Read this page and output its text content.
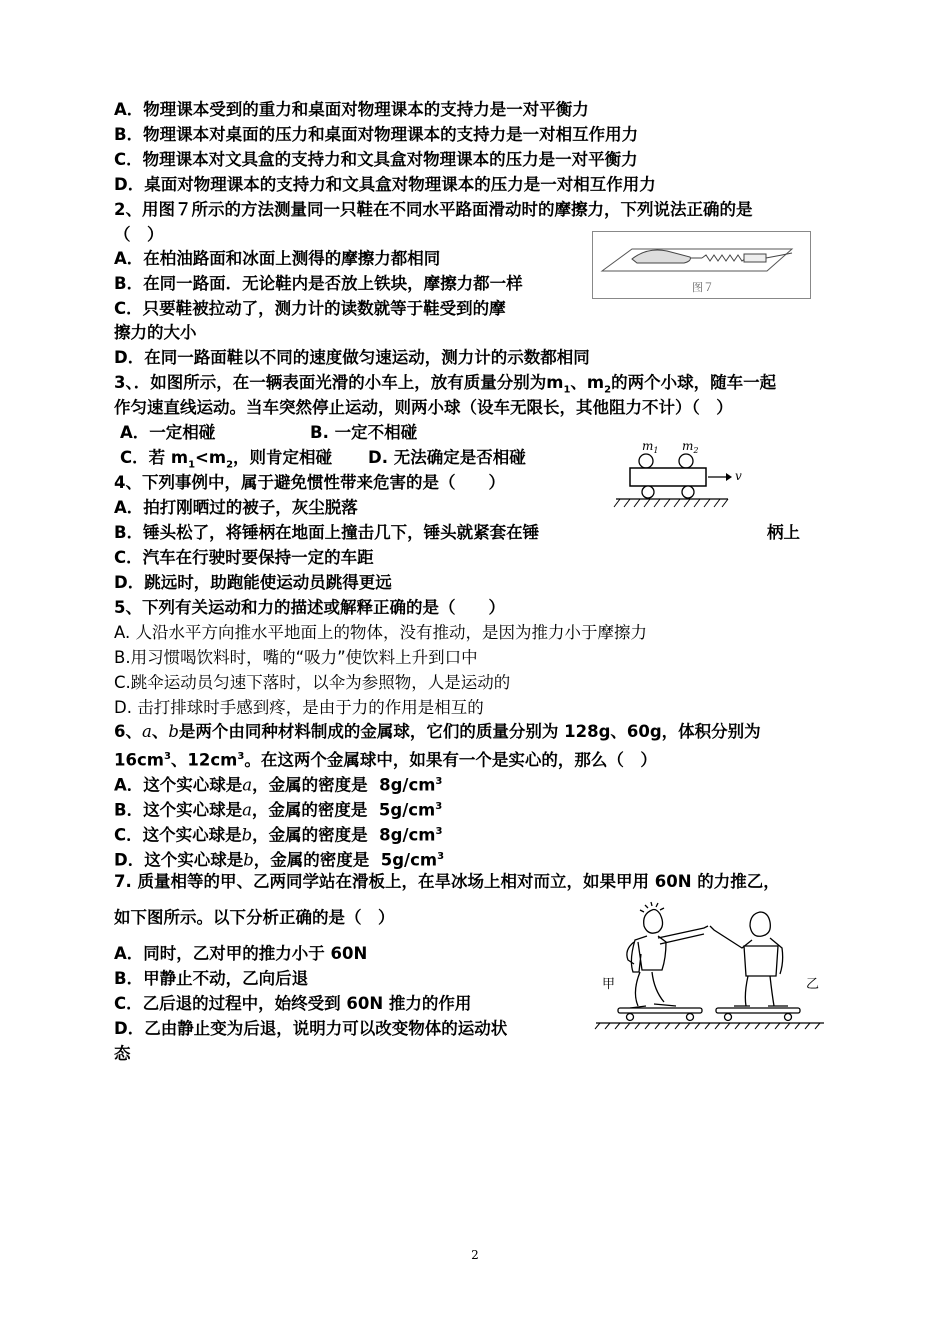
A．物理课本受到的重力和桌面对物理课本的支持力是一对平衡力
B．物理课本对桌面的压力和桌面对物理课本的支持力是一对相互作用力
C．物理课本对文具盒的支持力和文具盒对物理课本的压力是一对平衡力
D．桌面对物理课本的支持力和文具盒对物理课本的压力是一对相互作用力
2、用图７所示的方法测量同一只鞋在不同水平路面滑动时的摩擦力，下列说法正确的是
（　）
A．在柏油路面和冰面上测得的摩擦力都相同
B．在同一路面．无论鞋内是否放上铁块，摩擦力都一样
C．只要鞋被拉动了，测力计的读数就等于鞋受到的摩
擦力的大小
D．在同一路面鞋以不同的速度做匀速运动，测力计的示数都相同
图７
3、．如图所示，在一辆表面光滑的小车上，放有质量分别为$m_1$、$m_2$的两个小球，随车一起
作匀速直线运动。当车突然停止运动，则两小球（设车无限长，其他阻力不计）（　）
A．一定相碰	B. 一定不相碰
C．若 $m_1<m_2$，则肯定相碰 D. 无法确定是否相碰
$m_1$ $m_2$
v
4、下列事例中，属于避免惯性带来危害的是（　　）
A．拍打刚晒过的被子，灰尘脱落
B．锤头松了，将锤柄在地面上撞击几下，锤头就紧套在锤	柄上
C．汽车在行驶时要保持一定的车距
D．跳远时，助跑能使运动员跳得更远
5、下列有关运动和力的描述或解释正确的是（　　）
A. 人沿水平方向推水平地面上的物体，没有推动，是因为推力小于摩擦力
B.用习惯喝饮料时，嘴的“吸力”使饮料上升到口中
C.跳伞运动员匀速下落时，以伞为参照物，人是运动的
D. 击打排球时手感到疼，是由于力的作用是相互的
6、a、b是两个由同种材料制成的金属球，它们的质量分别为 128g、60g，体积分别为
$16cm^3$、$12cm^3$。在这两个金属球中，如果有一个是实心的，那么（　）
A．这个实心球是a，金属的密度是 $8g/cm^3$
B．这个实心球是a，金属的密度是 $5g/cm^3$
C．这个实心球是b，金属的密度是 $8g/cm^3$
D．这个实心球是b，金属的密度是 $5g/cm^3$
7. 质量相等的甲、乙两同学站在滑板上，在旱冰场上相对而立，如果甲用 60N 的力推乙，
如下图所示。以下分析正确的是（　）
A．同时，乙对甲的推力小于 60N
B．甲静止不动，乙向后退
C．乙后退的过程中，始终受到 60N 推力的作用
D．乙由静止变为后退，说明力可以改变物体的运动状
态
甲	乙
2
